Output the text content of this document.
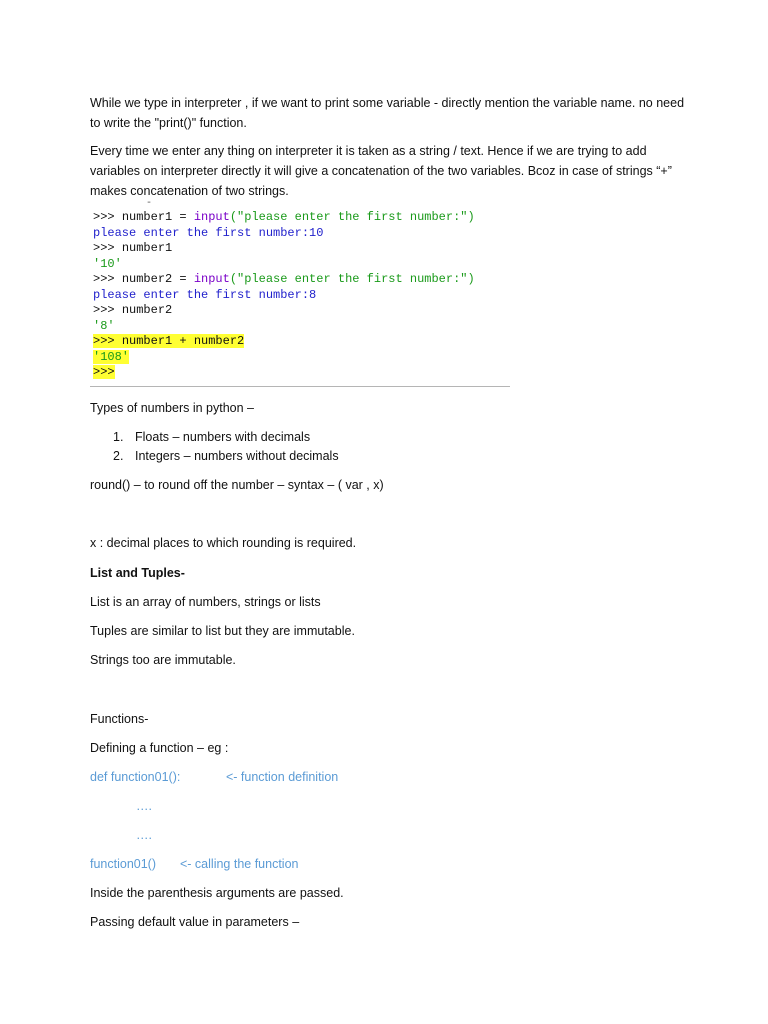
While we type in interpreter , if we want to print some variable - directly mention the variable name. no need to write the "print()" function.

Every time we enter any thing on interpreter it is taken as a string / text. Hence if we are trying to add variables on interpreter directly it will give a concatenation of the two variables. Bcoz in case of strings “+” makes concatenation of two strings.

-
>>> number1 = input("please enter the first number:")
please enter the first number:10
>>> number1
'10'
>>> number2 = input("please enter the first number:")
please enter the first number:8
>>> number2
'8'
>>> number1 + number2
'108'
>>>

Types of numbers in python –

1. Floats – numbers with decimals

2. Integers – numbers without decimals

round() – to round off the number – syntax – ( var , x)

x : decimal places to which rounding is required.

List and Tuples-

List is an array of numbers, strings or lists

Tuples are similar to list but they are immutable.

Strings too are immutable.

Functions-

Defining a function – eg :

def function01():	<- function definition

….

….

function01() <- calling the function

Inside the parenthesis arguments are passed.

Passing default value in parameters –
